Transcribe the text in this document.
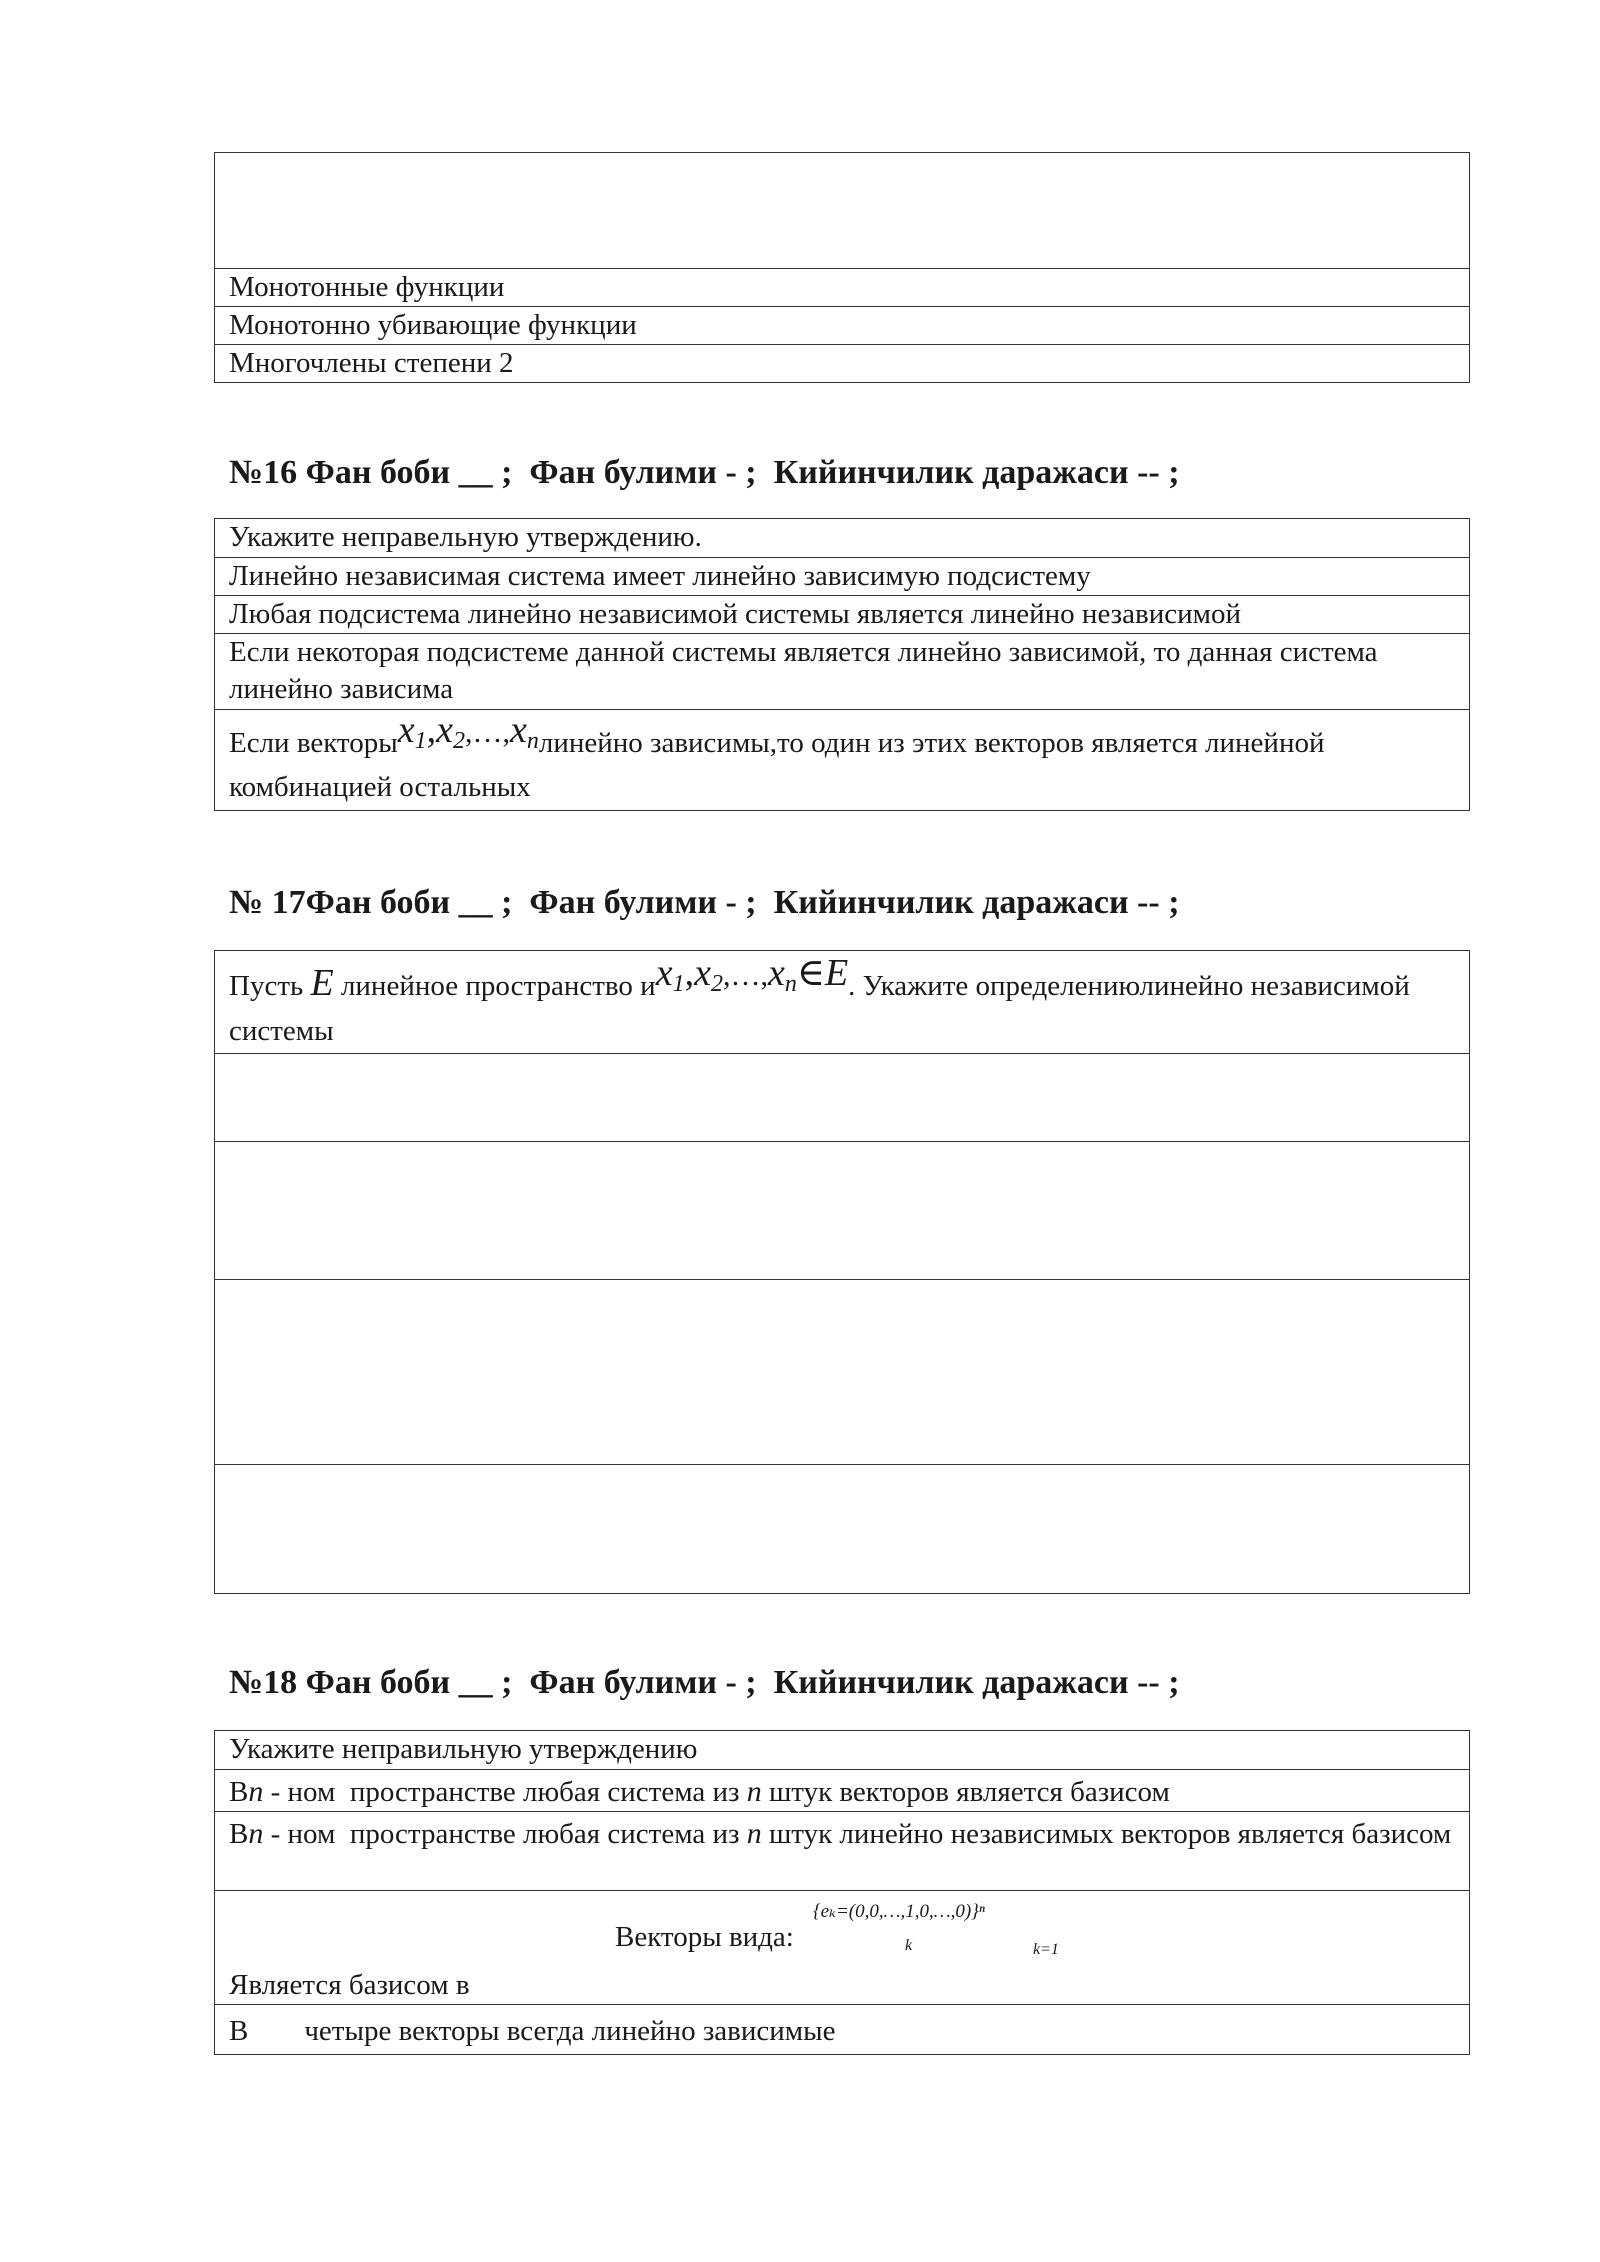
Монотонные функции
Монотонно убивающие функции
Многочлены степени 2
№16 Фан боби __ ;  Фан булими - ;  Кийинчилик даражаси -- ;
Укажите неправельную утверждению.
Линейно независимая система имеет линейно зависимую подсистему
Любая подсистема линейно независимой системы является линейно независимой
Если некоторая подсистеме данной системы является линейно зависимой, то данная система линейно зависима
Если $векторыx_1,x_2,\dots,x_nлинейно$ зависимы,то один из этих векторов является линейной комбинацией остальных
№ 17Фан боби __ ;  Фан булими - ;  Кийинчилик даражаси -- ;
Пусть E линейное пространство $иx_1,x_2,\dots,x_n\in E$. Укажите определениюлинейно независимой системы
№18 Фан боби __ ;  Фан булими - ;  Кийинчилик даражаси -- ;
Укажите неправильную утверждению
Вn - ном  пространстве любая система из n штук векторов является базисом
Вn - ном  пространстве любая система из n штук линейно независимых векторов является базисом
Векторы вида:
{eₖ=(0,0,…,1,0,…,0)}ⁿ
k	k=1
Является базисом в
В четыре векторы всегда линейно зависимые
